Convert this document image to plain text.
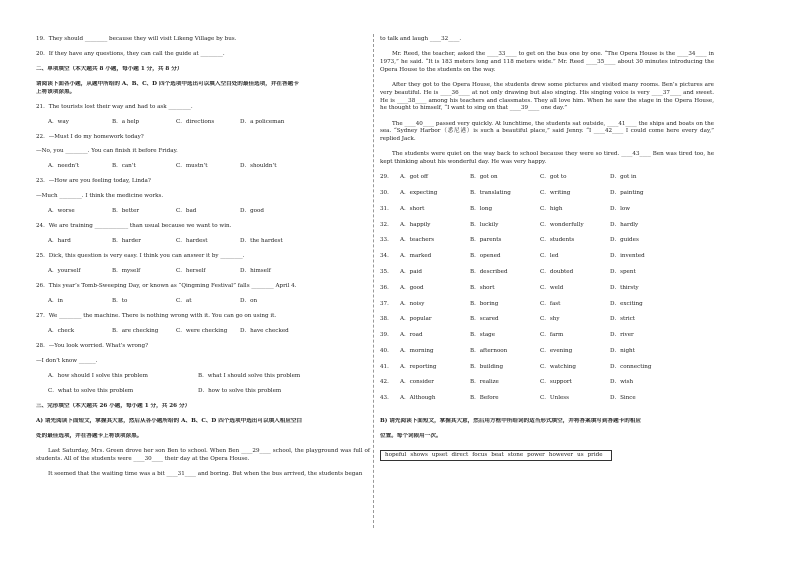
19．They should ________ because they will visit Likeng Village by bus.
20．If they have any questions, they can call the guide at ________.
二、单项填空（本大题共 8 小题，每小题 1 分，共 8 分）
请阅读下面各小题，从题中所给的 A、B、C、D 四个选项中选出可以填入空白处的最佳选项，并在答题卡
上将该项涂黑。
21．The tourists lost their way and had to ask ________.
A．way	B．a help	C．directions	D．a policeman
22．—Must I do my homework today?
—No, you ________. You can finish it before Friday.
A．needn’t	B．can’t	C．mustn’t	D．shouldn’t
23．—How are you feeling today, Linda?
—Much ________. I think the medicine works.
A．worse	B．better	C．bad	D．good
24．We are training ____________ than usual because we want to win.
A．hard	B．harder	C．hardest	D．the hardest
25．Dick, this question is very easy. I think you can answer it by ________.
A．yourself	B．myself	C．herself	D．himself
26．This year’s Tomb-Sweeping Day, or known as “Qingming Festival” falls ________ April 4.
A．in	B．to	C．at	D．on
27．We ________ the machine. There is nothing wrong with it. You can go on using it.
A．check	B．are checking	C．were checking	D．have checked
28．—You look worried. What’s wrong?
—I don’t know ______.
A．how should I solve this problem	B．what I should solve this problem
C．what to solve this problem	D．how to solve this problem
三、完形填空（本大题共 26 小题，每小题 1 分，共 26 分）
A) 请先阅读下面短文，掌握其大意，然后从各小题所给的 A、B、C、D 四个选项中选出可以填入相应空白
处的最佳选项，并在答题卡上将该项涂黑。
Last Saturday, Mrs. Green drove her son Ben to school. When Ben ____29____ school, the playground was full of students. All of the students were ____30____ their day at the Opera House.
It seemed that the waiting time was a bit ____31____ and boring. But when the bus arrived, the students began
to talk and laugh ____32____.
Mr. Reed, the teacher, asked the ____33____ to get on the bus one by one. “The Opera House is the ____34____ in 1973,” he said. “It is 183 meters long and 118 meters wide.” Mr. Reed ____35____ about 30 minutes introducing the Opera House to the students on the way.
After they got to the Opera House, the students drew some pictures and visited many rooms. Ben’s pictures are very beautiful. He is ____36____ at not only drawing but also singing. His singing voice is very ____37____ and sweet. He is ____38____ among his teachers and classmates. They all love him. When he saw the stage in the Opera House, he thought to himself, “I want to sing on that ____39____ one day.”
The ____40____ passed very quickly. At lunchtime, the students sat outside, ____41____ the ships and boats on the sea. “Sydney Harbor（悉尼港）is such a beautiful place,” said Jenny. “I ____42____ I could come here every day,” replied Jack.
The students were quiet on the way back to school because they were so tired. ____43____ Ben was tired too, he kept thinking about his wonderful day. He was very happy.
29．	A．got off	B．got on	C．got to	D．got in
30．	A．expecting	B．translating	C．writing	D．painting
31．	A．short	B．long	C．high	D．low
32．	A．happily	B．luckily	C．wonderfully	D．hardly
33．	A．teachers	B．parents	C．students	D．guides
34．	A．marked	B．opened	C．led	D．invented
35．	A．paid	B．described	C．doubted	D．spent
36．	A．good	B．short	C．weld	D．thirsty
37．	A．noisy	B．boring	C．fast	D．exciting
38．	A．popular	B．scared	C．shy	D．strict
39．	A．road	B．stage	C．farm	D．river
40．	A．morning	B．afternoon	C．evening	D．night
41．	A．reporting	B．building	C．watching	D．connecting
42．	A．consider	B．realize	C．support	D．wish
43．	A．Although	B．Before	C．Unless	D．Since
B) 请先阅读下面短文，掌握其大意，然后用方框中所给词的适当形式填空，并将答案填写到答题卡的相应
位置。每个词限用一次。
hopeful shows upset direct focus beat stone power however us pride
